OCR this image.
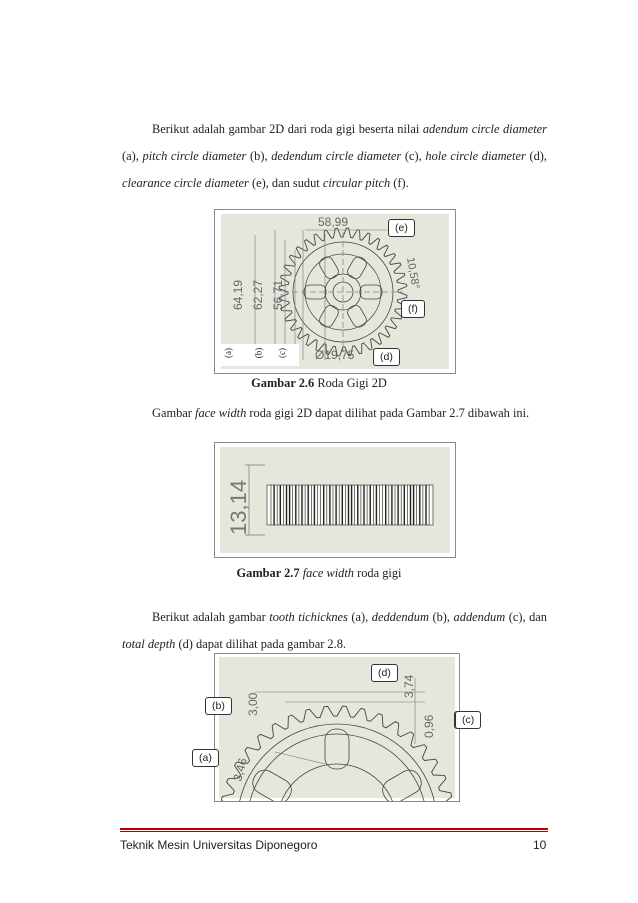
Berikut adalah gambar 2D dari roda gigi beserta nilai adendum circle diameter (a), pitch circle diameter (b), dedendum circle diameter (c), hole circle diameter (d), clearance circle diameter (e), dan sudut circular pitch (f).
58,99
64,19 62,27 56,71
10,58°
Ø19,75
(e)
(f)
(d)
(a) (b) (c)
Gambar 2.6 Roda Gigi 2D
Gambar face width roda gigi 2D dapat dilihat pada Gambar 2.7 dibawah ini.
13,14
Gambar 2.7 face width roda gigi
Berikut adalah gambar tooth tichicknes (a), deddendum (b), addendum (c), dan total depth (d) dapat dilihat pada gambar 2.8.
3,00
3,74
0,96
3,46
(d)
(b)
(c)
(a)
Teknik Mesin Universitas Diponegoro	10
